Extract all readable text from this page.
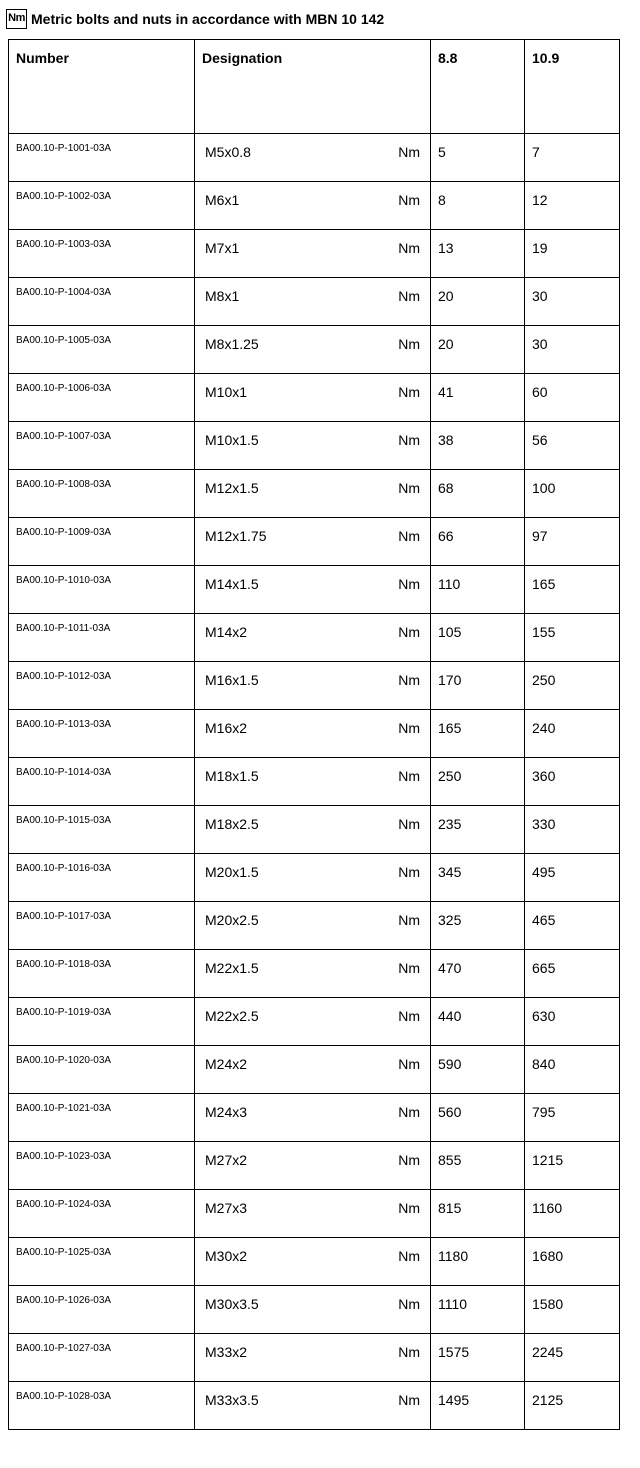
Nm Metric bolts and nuts in accordance with MBN 10 142
Number	Designation	8.8	10.9
BA00.10-P-1001-03A	M5x0.8 Nm	5	7
BA00.10-P-1002-03A	M6x1 Nm	8	12
BA00.10-P-1003-03A	M7x1 Nm	13	19
BA00.10-P-1004-03A	M8x1 Nm	20	30
BA00.10-P-1005-03A	M8x1.25 Nm	20	30
BA00.10-P-1006-03A	M10x1 Nm	41	60
BA00.10-P-1007-03A	M10x1.5 Nm	38	56
BA00.10-P-1008-03A	M12x1.5 Nm	68	100
BA00.10-P-1009-03A	M12x1.75 Nm	66	97
BA00.10-P-1010-03A	M14x1.5 Nm	110	165
BA00.10-P-1011-03A	M14x2 Nm	105	155
BA00.10-P-1012-03A	M16x1.5 Nm	170	250
BA00.10-P-1013-03A	M16x2 Nm	165	240
BA00.10-P-1014-03A	M18x1.5 Nm	250	360
BA00.10-P-1015-03A	M18x2.5 Nm	235	330
BA00.10-P-1016-03A	M20x1.5 Nm	345	495
BA00.10-P-1017-03A	M20x2.5 Nm	325	465
BA00.10-P-1018-03A	M22x1.5 Nm	470	665
BA00.10-P-1019-03A	M22x2.5 Nm	440	630
BA00.10-P-1020-03A	M24x2 Nm	590	840
BA00.10-P-1021-03A	M24x3 Nm	560	795
BA00.10-P-1023-03A	M27x2 Nm	855	1215
BA00.10-P-1024-03A	M27x3 Nm	815	1160
BA00.10-P-1025-03A	M30x2 Nm	1180	1680
BA00.10-P-1026-03A	M30x3.5 Nm	1110	1580
BA00.10-P-1027-03A	M33x2 Nm	1575	2245
BA00.10-P-1028-03A	M33x3.5 Nm	1495	2125
